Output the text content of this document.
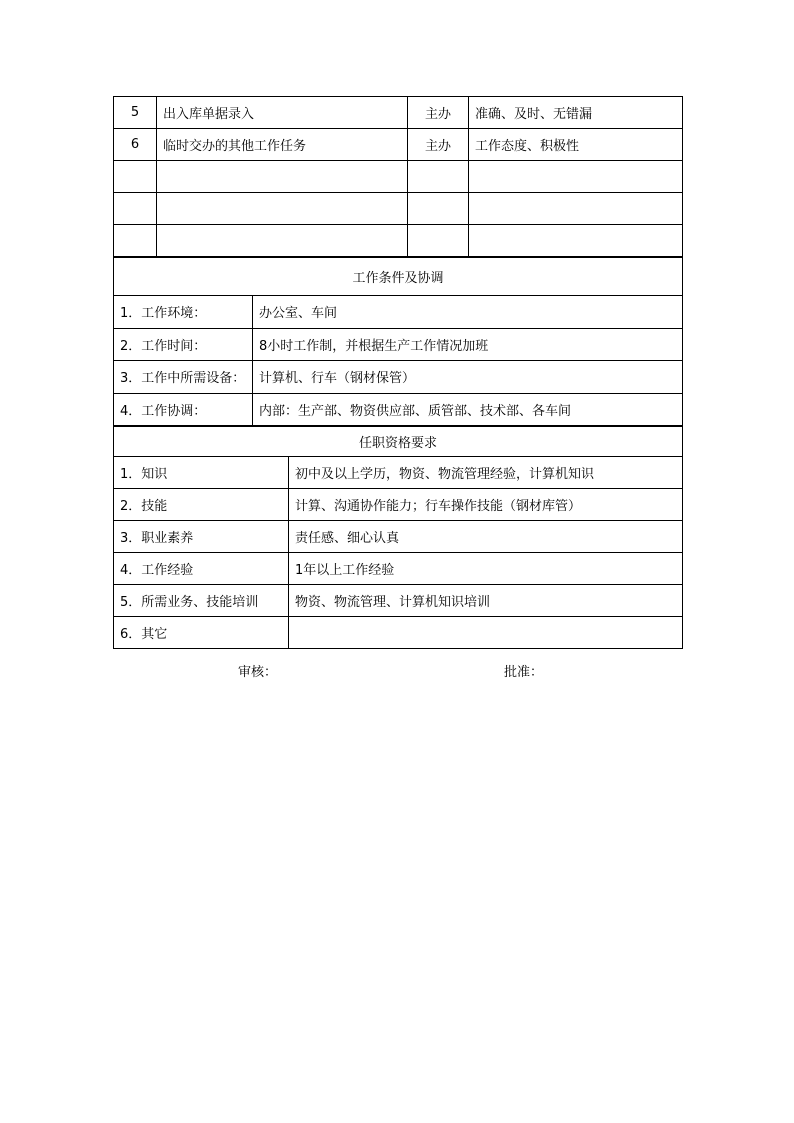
5	出入库单据录入	主办	准确、及时、无错漏
6	临时交办的其他工作任务	主办	工作态度、积极性

工作条件及协调	
1．工作环境：	办公室、车间
2．工作时间：	8小时工作制，并根据生产工作情况加班
3．工作中所需设备：	计算机、行车（钢材保管）
4．工作协调：	内部：生产部、物资供应部、质管部、技术部、各车间
任职资格要求	
1．知识	初中及以上学历，物资、物流管理经验，计算机知识
2．技能	计算、沟通协作能力；行车操作技能（钢材库管）
3．职业素养	责任感、细心认真
4．工作经验	1年以上工作经验
5．所需业务、技能培训	物资、物流管理、计算机知识培训
6．其它	
审核：	批准：
